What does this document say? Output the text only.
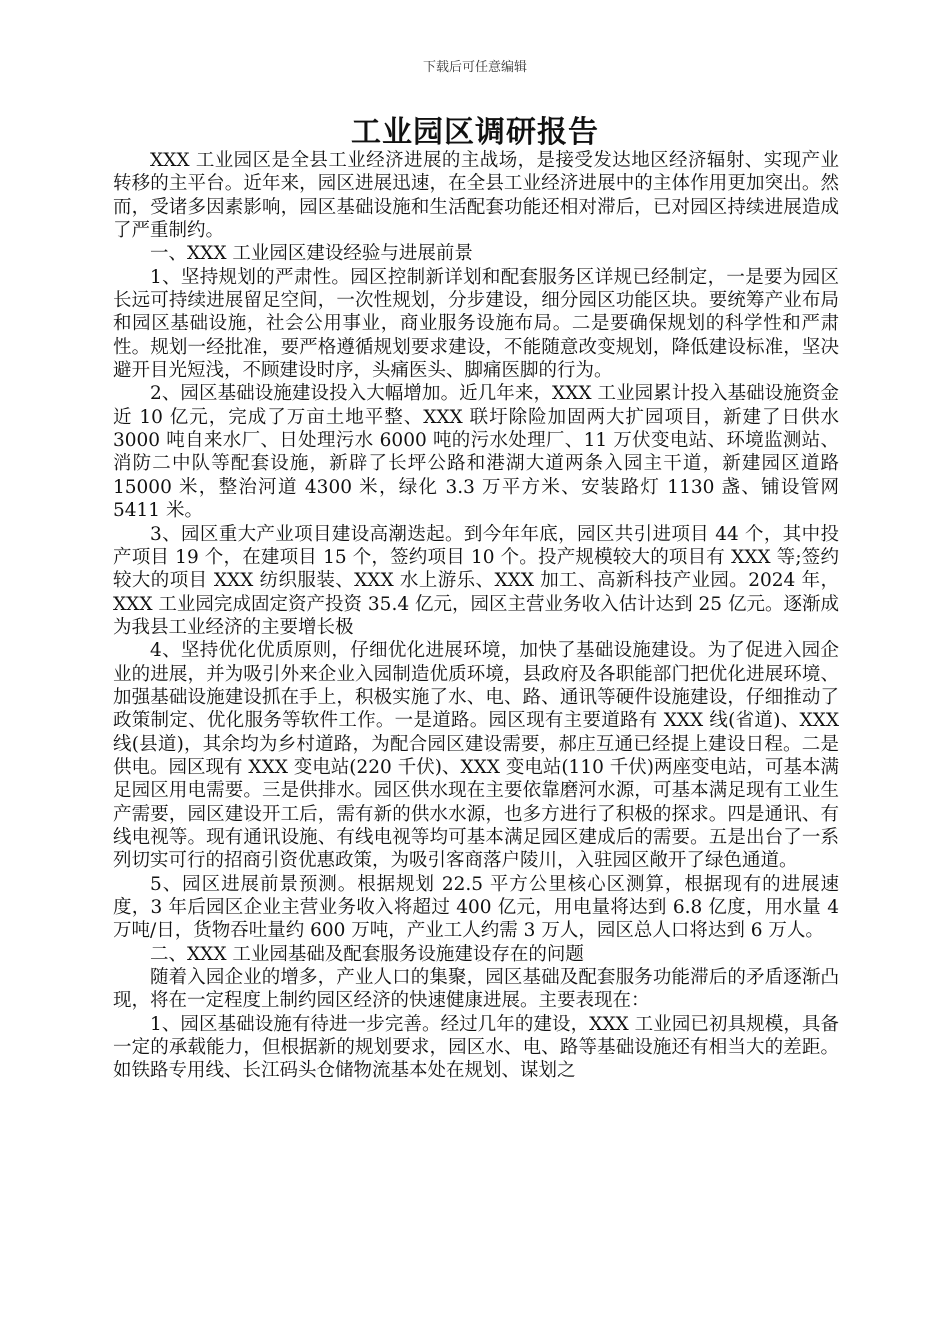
下载后可任意编辑
工业园区调研报告

XXX 工业园区是全县工业经济进展的主战场，是接受发达地区经济辐射、实现产业转移的主平台。近年来，园区进展迅速，在全县工业经济进展中的主体作用更加突出。然而，受诸多因素影响，园区基础设施和生活配套功能还相对滞后，已对园区持续进展造成了严重制约。

一、XXX 工业园区建设经验与进展前景

1、坚持规划的严肃性。园区控制新详划和配套服务区详规已经制定，一是要为园区长远可持续进展留足空间，一次性规划，分步建设，细分园区功能区块。要统筹产业布局和园区基础设施，社会公用事业，商业服务设施布局。二是要确保规划的科学性和严肃性。规划一经批准，要严格遵循规划要求建设，不能随意改变规划，降低建设标准，坚决避开目光短浅，不顾建设时序，头痛医头、脚痛医脚的行为。

2、园区基础设施建设投入大幅增加。近几年来，XXX 工业园累计投入基础设施资金近 10 亿元，完成了万亩土地平整、XXX 联圩除险加固两大扩园项目，新建了日供水 3000 吨自来水厂、日处理污水 6000 吨的污水处理厂、11 万伏变电站、环境监测站、消防二中队等配套设施，新辟了长坪公路和港湖大道两条入园主干道，新建园区道路 15000 米，整治河道 4300 米，绿化 3.3 万平方米、安装路灯 1130 盏、铺设管网 5411 米。

3、园区重大产业项目建设高潮迭起。到今年年底，园区共引进项目 44 个，其中投产项目 19 个，在建项目 15 个，签约项目 10 个。投产规模较大的项目有 XXX 等;签约较大的项目 XXX 纺织服装、XXX 水上游乐、XXX 加工、高新科技产业园。2024 年，XXX 工业园完成固定资产投资 35.4 亿元，园区主营业务收入估计达到 25 亿元。逐渐成为我县工业经济的主要增长极

4、坚持优化优质原则，仔细优化进展环境，加快了基础设施建设。为了促进入园企业的进展，并为吸引外来企业入园制造优质环境，县政府及各职能部门把优化进展环境、加强基础设施建设抓在手上，积极实施了水、电、路、通讯等硬件设施建设，仔细推动了政策制定、优化服务等软件工作。一是道路。园区现有主要道路有 XXX 线(省道)、XXX 线(县道)，其余均为乡村道路，为配合园区建设需要，郝庄互通已经提上建设日程。二是供电。园区现有 XXX 变电站(220 千伏)、XXX 变电站(110 千伏)两座变电站，可基本满足园区用电需要。三是供排水。园区供水现在主要依靠磨河水源，可基本满足现有工业生产需要，园区建设开工后，需有新的供水水源，也多方进行了积极的探求。四是通讯、有线电视等。现有通讯设施、有线电视等均可基本满足园区建成后的需要。五是出台了一系列切实可行的招商引资优惠政策，为吸引客商落户陵川，入驻园区敞开了绿色通道。

5、园区进展前景预测。根据规划 22.5 平方公里核心区测算，根据现有的进展速度，3 年后园区企业主营业务收入将超过 400 亿元，用电量将达到 6.8 亿度，用水量 4 万吨/日，货物吞吐量约 600 万吨，产业工人约需 3 万人，园区总人口将达到 6 万人。

二、XXX 工业园基础及配套服务设施建设存在的问题

随着入园企业的增多，产业人口的集聚，园区基础及配套服务功能滞后的矛盾逐渐凸现，将在一定程度上制约园区经济的快速健康进展。主要表现在：

1、园区基础设施有待进一步完善。经过几年的建设，XXX 工业园已初具规模，具备一定的承载能力，但根据新的规划要求，园区水、电、路等基础设施还有相当大的差距。如铁路专用线、长江码头仓储物流基本处在规划、谋划之
